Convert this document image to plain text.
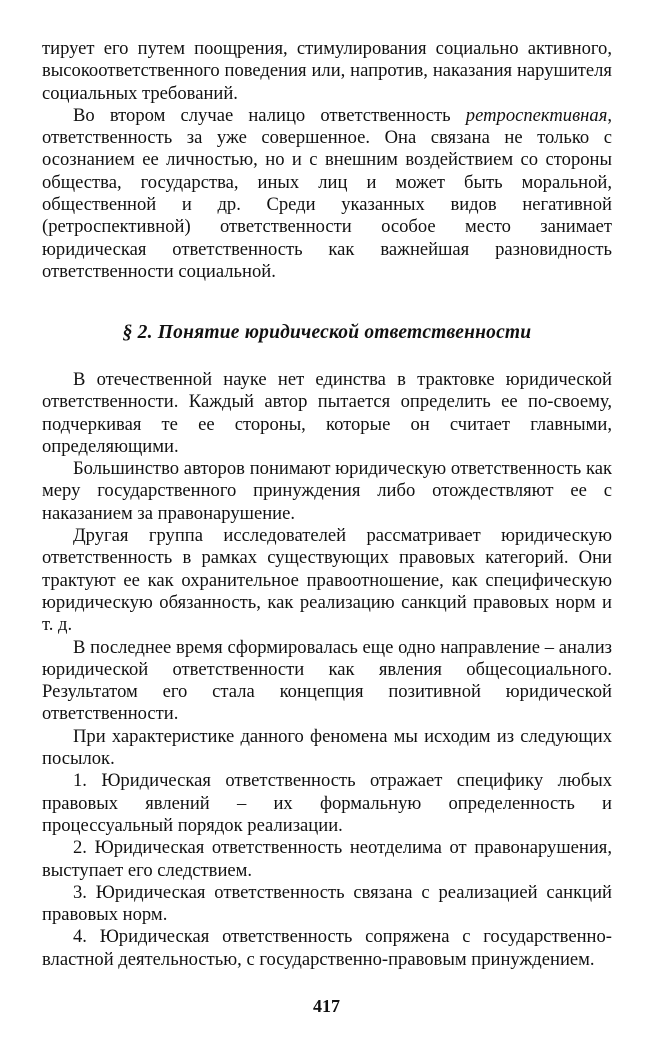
тирует его путем поощрения, стимулирования социально активного, высокоответственного поведения или, напротив, наказания нарушителя социальных требований.

Во втором случае налицо ответственность ретроспективная, ответственность за уже совершенное. Она связана не только с осознанием ее личностью, но и с внешним воздействием со стороны общества, государства, иных лиц и может быть моральной, общественной и др. Среди указанных видов негативной (ретроспективной) ответственности особое место занимает юридическая ответственность как важнейшая разновидность ответственности социальной.

§ 2. Понятие юридической ответственности

В отечественной науке нет единства в трактовке юридической ответственности. Каждый автор пытается определить ее по-своему, подчеркивая те ее стороны, которые он считает главными, определяющими.

Большинство авторов понимают юридическую ответственность как меру государственного принуждения либо отождествляют ее с наказанием за правонарушение.

Другая группа исследователей рассматривает юридическую ответственность в рамках существующих правовых категорий. Они трактуют ее как охранительное правоотношение, как специфическую юридическую обязанность, как реализацию санкций правовых норм и т. д.

В последнее время сформировалась еще одно направление – анализ юридической ответственности как явления общесоциального. Результатом его стала концепция позитивной юридической ответственности.

При характеристике данного феномена мы исходим из следующих посылок.

1. Юридическая ответственность отражает специфику любых правовых явлений – их формальную определенность и процессуальный порядок реализации.

2. Юридическая ответственность неотделима от правонарушения, выступает его следствием.

3. Юридическая ответственность связана с реализацией санкций правовых норм.

4. Юридическая ответственность сопряжена с государственно-властной деятельностью, с государственно-правовым принуждением.

417
